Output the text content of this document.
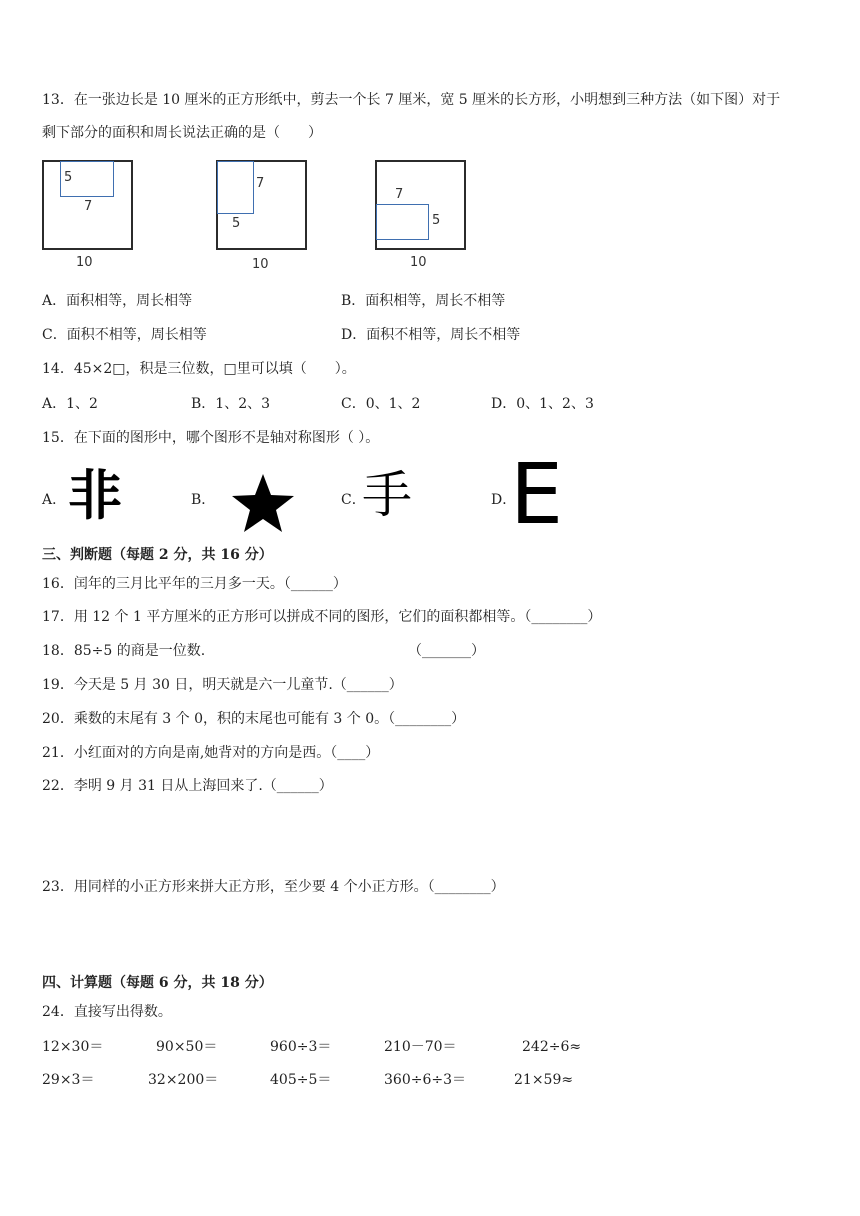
13．在一张边长是 10 厘米的正方形纸中，剪去一个长 7 厘米，宽 5 厘米的长方形，小明想到三种方法（如下图）对于
剩下部分的面积和周长说法正确的是（　　）
5
7
10
7
5
10
7
5
10
A．面积相等，周长相等	B．面积相等，周长不相等
C．面积不相等，周长相等	D．面积不相等，周长不相等
14．45×2□，积是三位数，□里可以填（　　）。
A．1、2	B．1、2、3	C．0、1、2	D．0、1、2、3
15．在下面的图形中，哪个图形不是轴对称图形（ ）。
A． 非	B．	C．
手	D．
E
三、判断题（每题 2 分，共 16 分）
16．闰年的三月比平年的三月多一天。（______）
17．用 12 个 1 平方厘米的正方形可以拼成不同的图形，它们的面积都相等。（________）
18．85÷5 的商是一位数.	（_______）
19．今天是 5 月 30 日，明天就是六一儿童节.（______）
20．乘数的末尾有 3 个 0，积的末尾也可能有 3 个 0。（________）
21．小红面对的方向是南,她背对的方向是西。（____）
22．李明 9 月 31 日从上海回来了.（______）
23．用同样的小正方形来拼大正方形，至少要 4 个小正方形。（________）
四、计算题（每题 6 分，共 18 分）
24．直接写出得数。
12×30＝	90×50＝	960÷3＝	210－70＝	242÷6≈
29×3＝	32×200＝	405÷5＝	360÷6÷3＝	21×59≈
